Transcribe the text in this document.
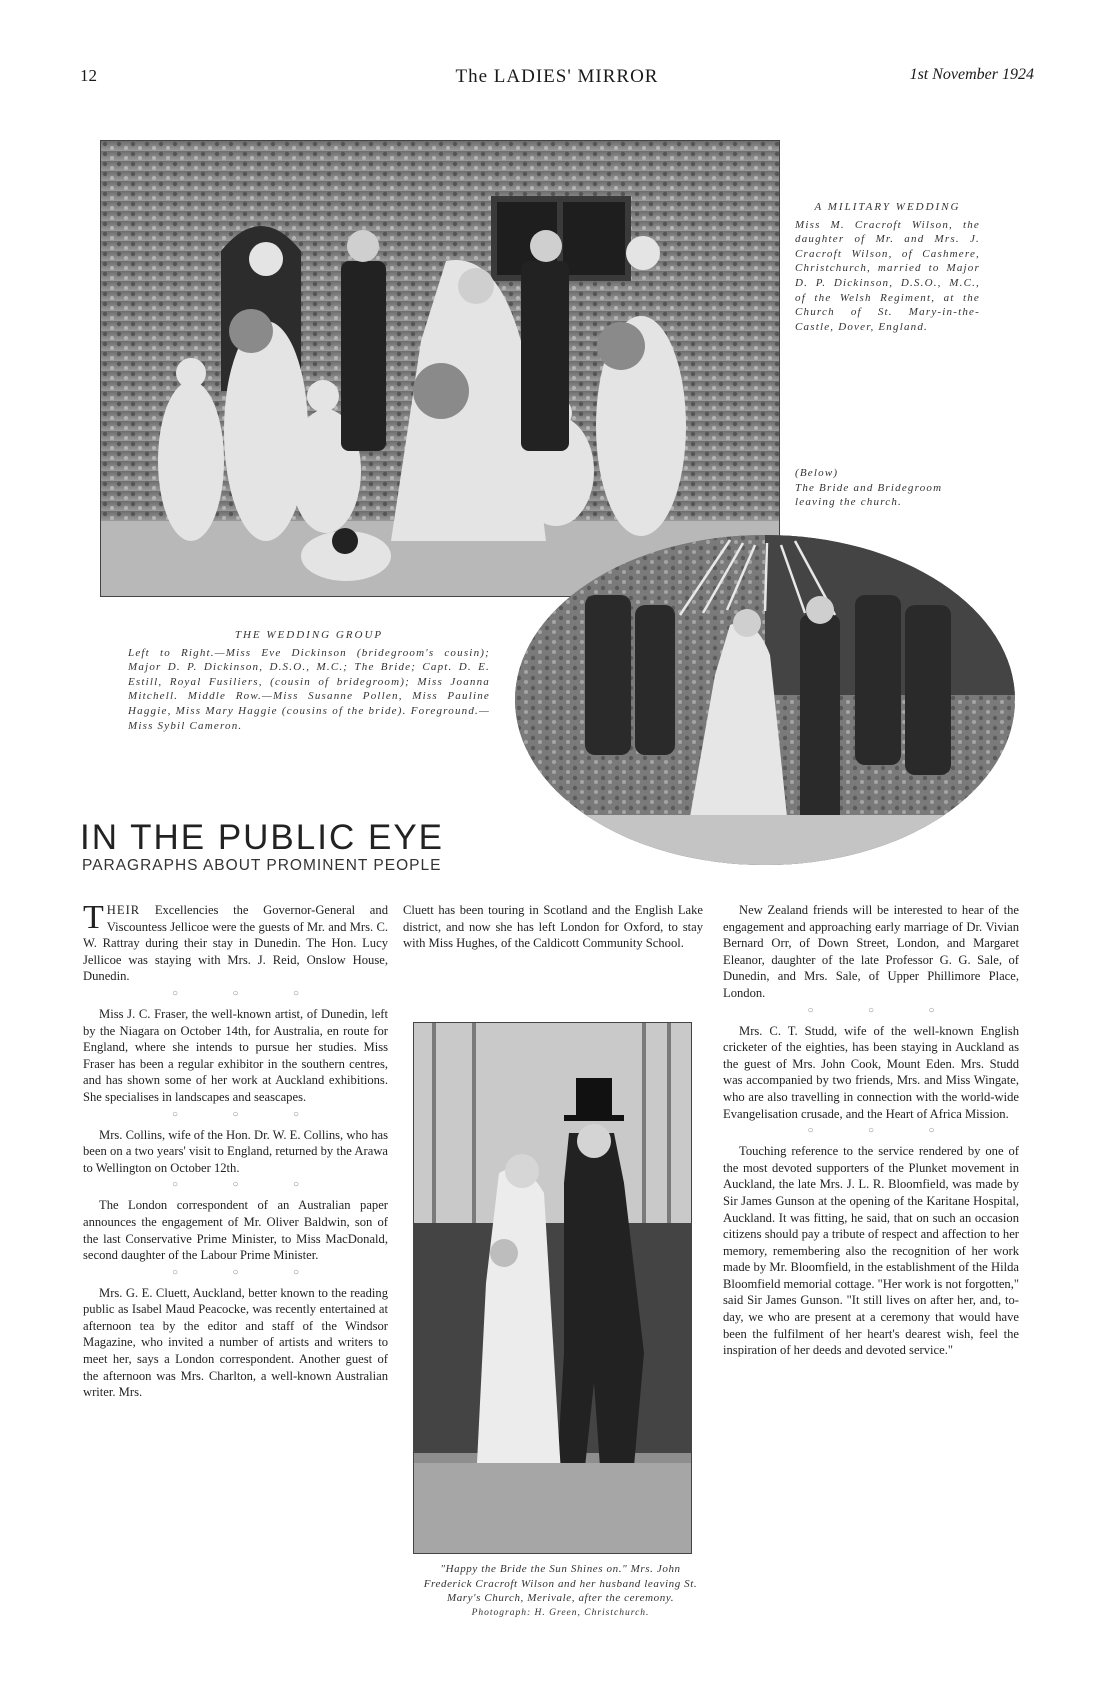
12	The LADIES' MIRROR	1st November 1924
A MILITARY WEDDING
Miss M. Cracroft Wilson, the daughter of Mr. and Mrs. J. Cracroft Wilson, of Cashmere, Christchurch, married to Major D. P. Dickinson, D.S.O., M.C., of the Welsh Regiment, at the Church of St. Mary-in-the-Castle, Dover, England.
(Below)
The Bride and Bridegroom leaving the church.
THE WEDDING GROUP
Left to Right.—Miss Eve Dickinson (bridegroom's cousin); Major D. P. Dickinson, D.S.O., M.C.; The Bride; Capt. D. E. Estill, Royal Fusiliers, (cousin of bridegroom); Miss Joanna Mitchell. Middle Row.—Miss Susanne Pollen, Miss Pauline Haggie, Miss Mary Haggie (cousins of the bride). Foreground.—Miss Sybil Cameron.
IN THE PUBLIC EYE
PARAGRAPHS ABOUT PROMINENT PEOPLE

THEIR Excellencies the Governor-General and Viscountess Jellicoe were the guests of Mr. and Mrs. C. W. Rattray during their stay in Dunedin. The Hon. Lucy Jellicoe was staying with Mrs. J. Reid, Onslow House, Dunedin.

○ ○ ○

Miss J. C. Fraser, the well-known artist, of Dunedin, left by the Niagara on October 14th, for Australia, en route for England, where she intends to pursue her studies. Miss Fraser has been a regular exhibitor in the southern centres, and has shown some of her work at Auckland exhibitions. She specialises in landscapes and seascapes.

○ ○ ○

Mrs. Collins, wife of the Hon. Dr. W. E. Collins, who has been on a two years' visit to England, returned by the Arawa to Wellington on October 12th.

○ ○ ○

The London correspondent of an Australian paper announces the engagement of Mr. Oliver Baldwin, son of the last Conservative Prime Minister, to Miss MacDonald, second daughter of the Labour Prime Minister.

○ ○ ○

Mrs. G. E. Cluett, Auckland, better known to the reading public as Isabel Maud Peacocke, was recently entertained at afternoon tea by the editor and staff of the Windsor Magazine, who invited a number of artists and writers to meet her, says a London correspondent. Another guest of the afternoon was Mrs. Charlton, a well-known Australian writer. Mrs.

Cluett has been touring in Scotland and the English Lake district, and now she has left London for Oxford, to stay with Miss Hughes, of the Caldicott Community School.

"Happy the Bride the Sun Shines on." Mrs. John Frederick Cracroft Wilson and her husband leaving St. Mary's Church, Merivale, after the ceremony.
Photograph: H. Green, Christchurch.

New Zealand friends will be interested to hear of the engagement and approaching early marriage of Dr. Vivian Bernard Orr, of Down Street, London, and Margaret Eleanor, daughter of the late Professor G. G. Sale, of Dunedin, and Mrs. Sale, of Upper Phillimore Place, London.

○ ○ ○

Mrs. C. T. Studd, wife of the well-known English cricketer of the eighties, has been staying in Auckland as the guest of Mrs. John Cook, Mount Eden. Mrs. Studd was accompanied by two friends, Mrs. and Miss Wingate, who are also travelling in connection with the world-wide Evangelisation crusade, and the Heart of Africa Mission.

○ ○ ○

Touching reference to the service rendered by one of the most devoted supporters of the Plunket movement in Auckland, the late Mrs. J. L. R. Bloomfield, was made by Sir James Gunson at the opening of the Karitane Hospital, Auckland. It was fitting, he said, that on such an occasion citizens should pay a tribute of respect and affection to her memory, remembering also the recognition of her work made by Mr. Bloomfield, in the establishment of the Hilda Bloomfield memorial cottage. "Her work is not forgotten," said Sir James Gunson. "It still lives on after her, and, to-day, we who are present at a ceremony that would have been the fulfilment of her heart's dearest wish, feel the inspiration of her deeds and devoted service."
